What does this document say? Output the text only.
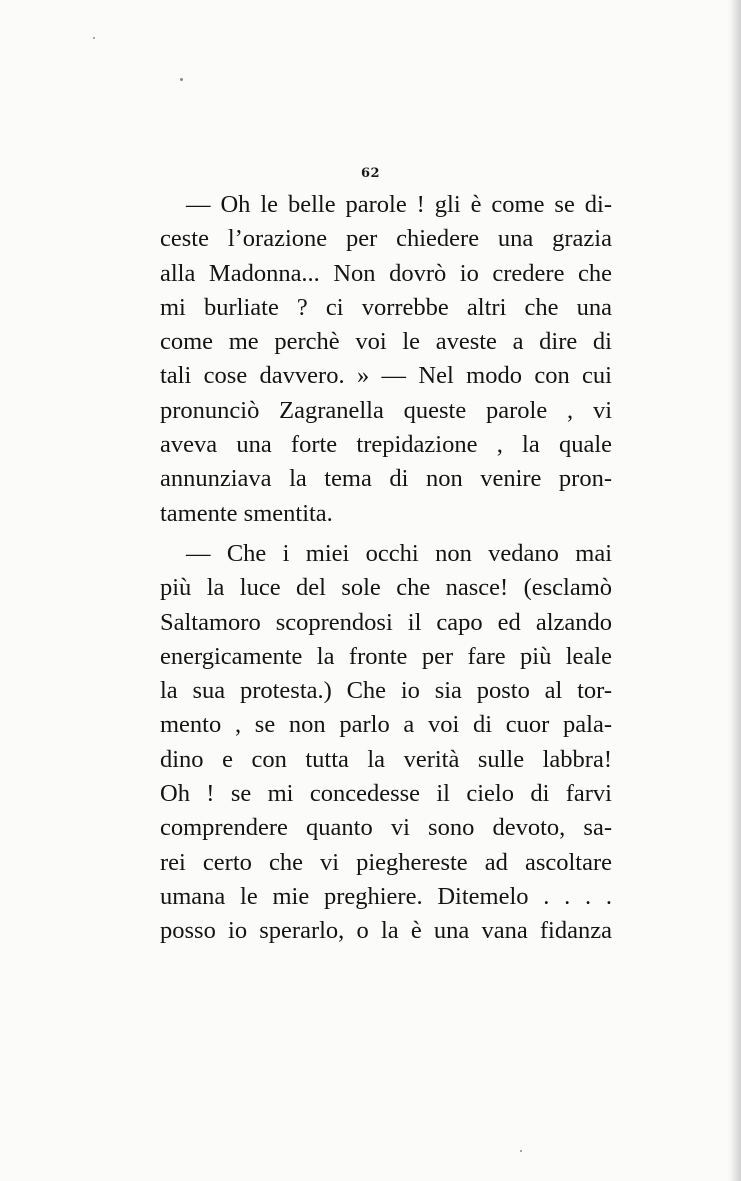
62
— Oh le belle parole ! gli è come se di-
ceste l’orazione per chiedere una grazia
alla Madonna... Non dovrò io credere che
mi burliate ? ci vorrebbe altri che una
come me perchè voi le aveste a dire di
tali cose davvero. » — Nel modo con cui
pronunciò Zagranella queste parole , vi
aveva una forte trepidazione , la quale
annunziava la tema di non venire pron-
tamente smentita.
— Che i miei occhi non vedano mai
più la luce del sole che nasce! (esclamò
Saltamoro scoprendosi il capo ed alzando
energicamente la fronte per fare più leale
la sua protesta.) Che io sia posto al tor-
mento , se non parlo a voi di cuor pala-
dino e con tutta la verità sulle labbra!
Oh ! se mi concedesse il cielo di farvi
comprendere quanto vi sono devoto, sa-
rei certo che vi pieghereste ad ascoltare
umana le mie preghiere. Ditemelo . . . .
posso io sperarlo, o la è una vana fidanza
